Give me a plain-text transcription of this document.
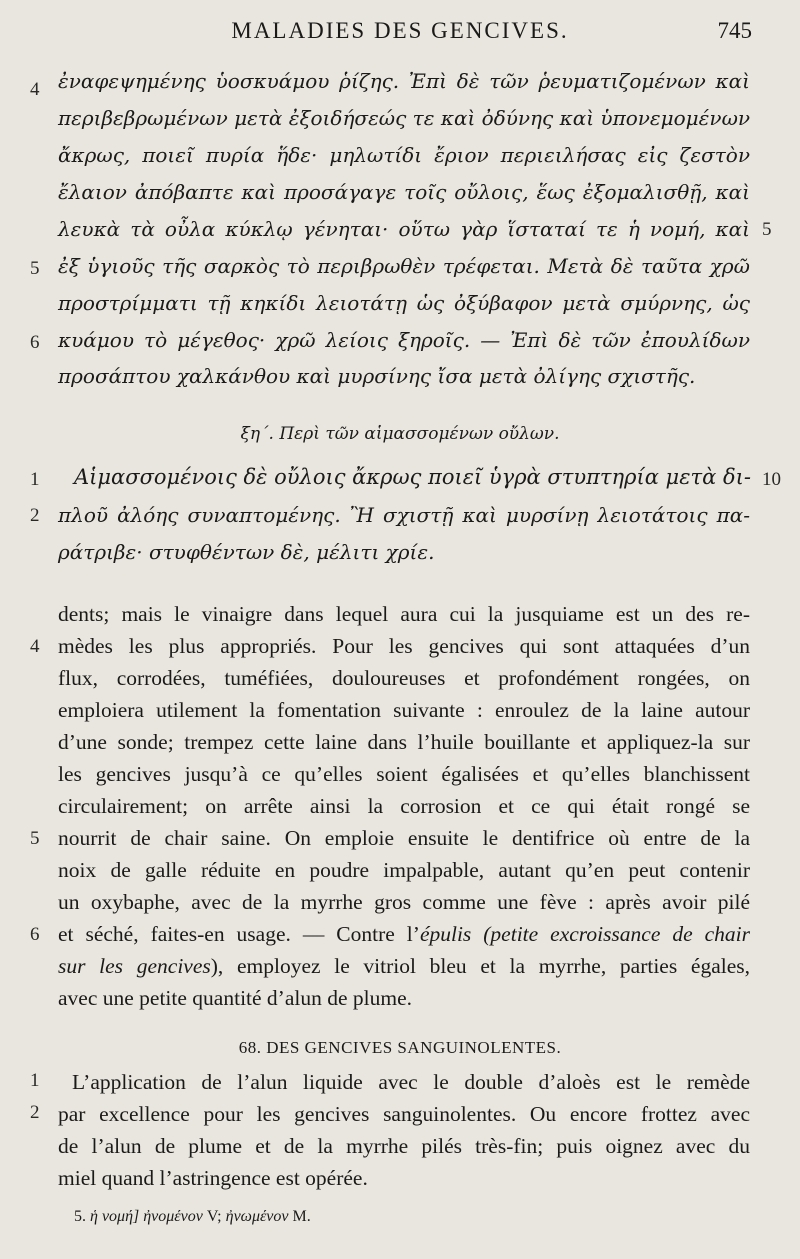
MALADIES DES GENCIVES.	745
4 ἐναφεψημένης ὑοσκυάμου ῥίζης. Ἐπὶ δὲ τῶν ῥευματιζομένων καὶ
περιβεβρωμένων μετὰ ἐξοιδήσεώς τε καὶ ὀδύνης καὶ ὑπονεμομένων
ἄκρως, ποιεῖ πυρία ἥδε· μηλωτίδι ἔριον περιειλήσας εἰς ζεστὸν
ἔλαιον ἀπόβαπτε καὶ προσάγαγε τοῖς οὔλοις, ἕως ἐξομαλισθῇ, καὶ
λευκὰ τὰ οὖλα κύκλῳ γένηται· οὕτω γὰρ ἵσταταί τε ἡ νομή, καὶ 5
5 ἐξ ὑγιοῦς τῆς σαρκὸς τὸ περιβρωθὲν τρέφεται. Μετὰ δὲ ταῦτα χρῶ
προστρίμματι τῇ κηκίδι λειοτάτῃ ὡς ὀξύβαφον μετὰ σμύρνης, ὡς
6 κυάμου τὸ μέγεθος· χρῶ λείοις ξηροῖς. — Ἐπὶ δὲ τῶν ἐπουλίδων
προσάπτου χαλκάνθου καὶ μυρσίνης ἴσα μετὰ ὀλίγης σχιστῆς.
ξη΄. Περὶ τῶν αἱμασσομένων οὔλων.
1	Αἱμασσομένοις δὲ οὔλοις ἄκρως ποιεῖ ὑγρὰ στυπτηρία μετὰ δι- 10
2 πλοῦ ἀλόης συναπτομένης. Ἢ σχιστῇ καὶ μυρσίνῃ λειοτάτοις πα-
ράτριβε· στυφθέντων δὲ, μέλιτι χρίε.
dents; mais le vinaigre dans lequel aura cui la jusquiame est un des re-
4 mèdes les plus appropriés. Pour les gencives qui sont attaquées d’un
flux, corrodées, tuméfiées, douloureuses et profondément rongées, on
emploiera utilement la fomentation suivante : enroulez de la laine autour
d’une sonde; trempez cette laine dans l’huile bouillante et appliquez-la sur
les gencives jusqu’à ce qu’elles soient égalisées et qu’elles blanchissent
circulairement; on arrête ainsi la corrosion et ce qui était rongé se
5 nourrit de chair saine. On emploie ensuite le dentifrice où entre de la
noix de galle réduite en poudre impalpable, autant qu’en peut contenir
un oxybaphe, avec de la myrrhe gros comme une fève : après avoir pilé
6 et séché, faites-en usage. — Contre l’épulis (petite excroissance de chair
sur les gencives), employez le vitriol bleu et la myrrhe, parties égales,
avec une petite quantité d’alun de plume.
68. DES GENCIVES SANGUINOLENTES.
1	L’application de l’alun liquide avec le double d’aloès est le remède
2 par excellence pour les gencives sanguinolentes. Ou encore frottez avec
de l’alun de plume et de la myrrhe pilés très-fin; puis oignez avec du
miel quand l’astringence est opérée.
5. ἡ νομή] ἠνομένον V; ἠνωμένον M.
